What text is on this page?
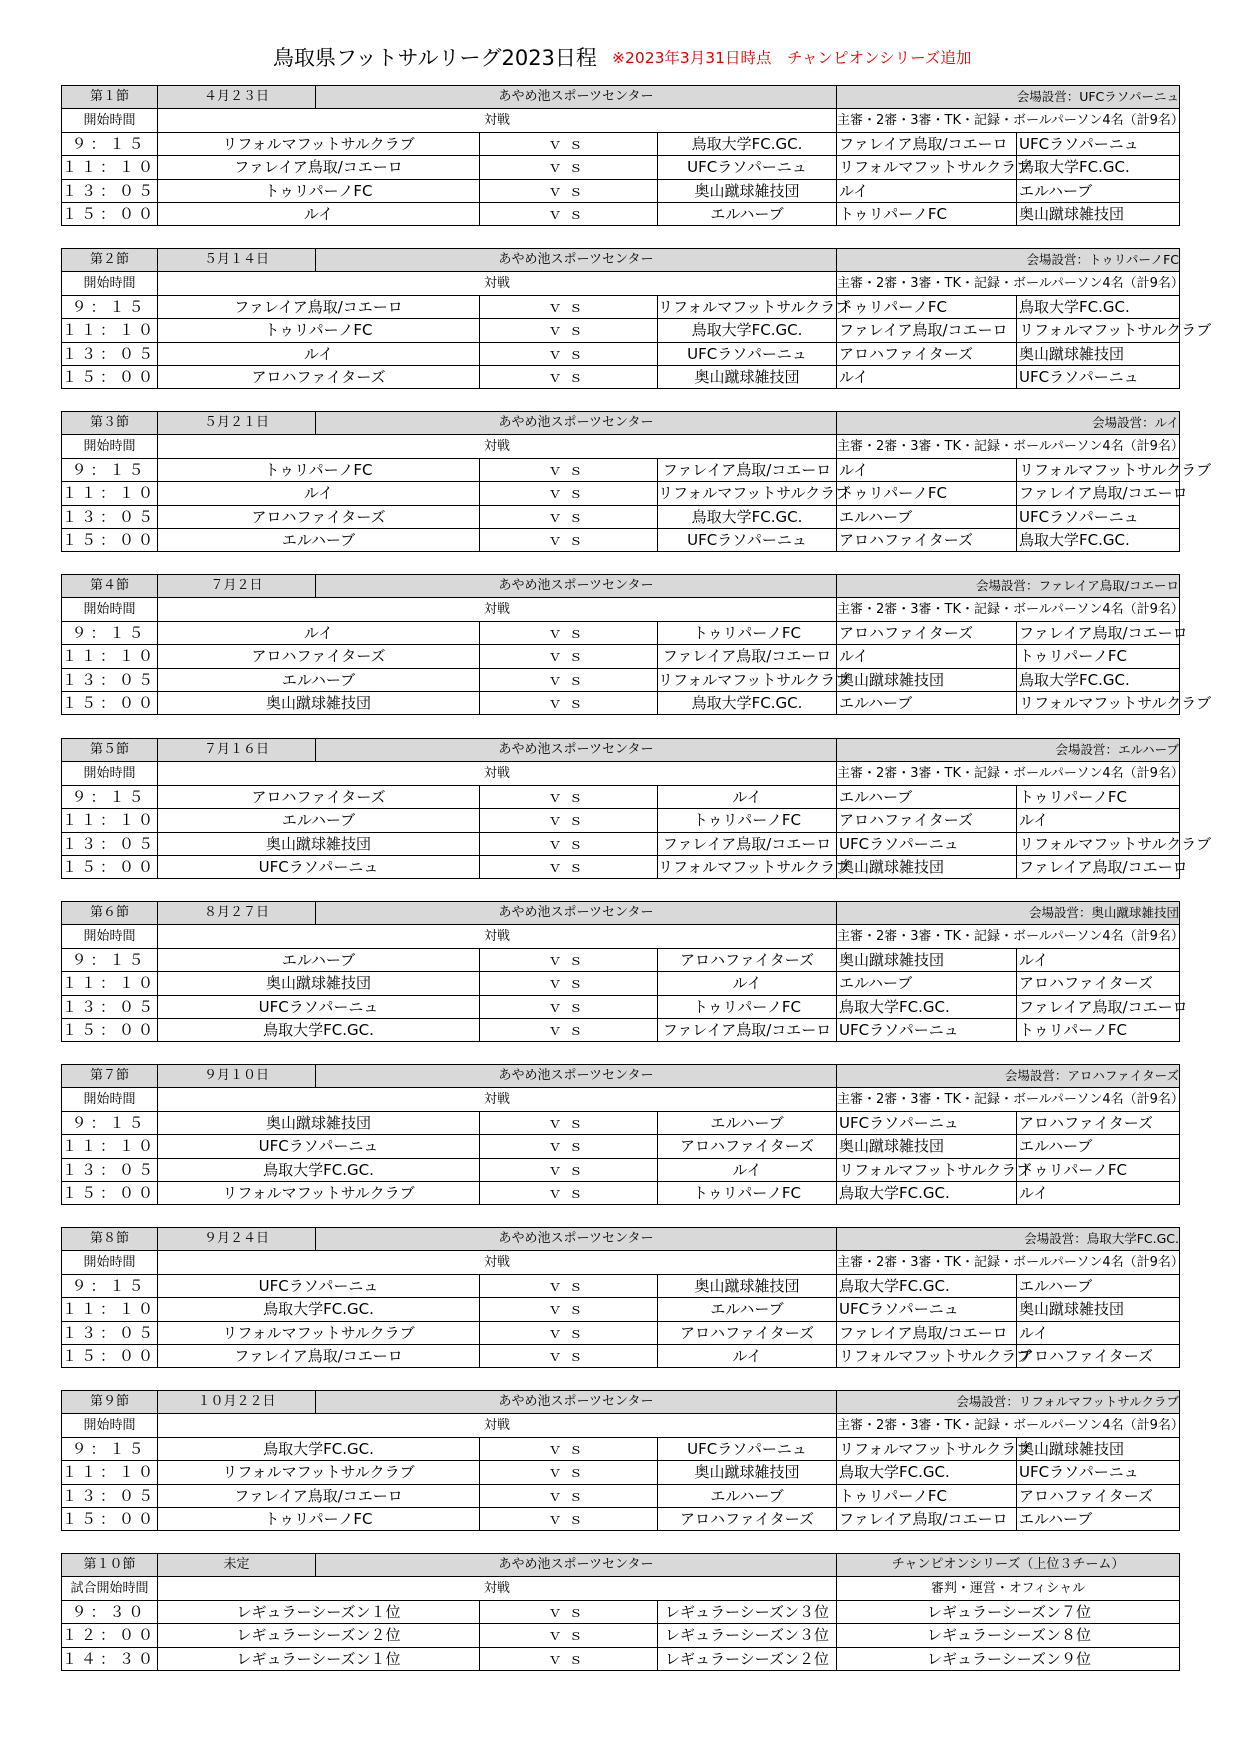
鳥取県フットサルリーグ2023日程 ※2023年3月31日時点　チャンピオンシリーズ追加
第１節	４月２３日	あやめ池スポーツセンター			会場設営：UFCラソパーニュ	

開始時間	対戦				主審・2審・3審・TK・記録・ボールパーソン4名（計9名）	
９：１５	リフォルマフットサルクラブ		ｖｓ	鳥取大学FC.GC.	ファレイア鳥取/コエーロ	UFCラソパーニュ
１１：１０	ファレイア鳥取/コエーロ		ｖｓ	UFCラソパーニュ	リフォルマフットサルクラブ	鳥取大学FC.GC.
１３：０５	トゥリパーノFC		ｖｓ	奥山蹴球雑技団	ルイ	エルハーブ
１５：００	ルイ		ｖｓ	エルハーブ	トゥリパーノFC	奥山蹴球雑技団
第２節	５月１４日	あやめ池スポーツセンター			会場設営：トゥリパーノFC	

開始時間	対戦				主審・2審・3審・TK・記録・ボールパーソン4名（計9名）	
９：１５	ファレイア鳥取/コエーロ		ｖｓ	リフォルマフットサルクラブ	トゥリパーノFC	鳥取大学FC.GC.
１１：１０	トゥリパーノFC		ｖｓ	鳥取大学FC.GC.	ファレイア鳥取/コエーロ	リフォルマフットサルクラブ
１３：０５	ルイ		ｖｓ	UFCラソパーニュ	アロハファイターズ	奥山蹴球雑技団
１５：００	アロハファイターズ		ｖｓ	奥山蹴球雑技団	ルイ	UFCラソパーニュ
第３節	５月２１日	あやめ池スポーツセンター			会場設営：ルイ	

開始時間	対戦				主審・2審・3審・TK・記録・ボールパーソン4名（計9名）	
９：１５	トゥリパーノFC		ｖｓ	ファレイア鳥取/コエーロ	ルイ	リフォルマフットサルクラブ
１１：１０	ルイ		ｖｓ	リフォルマフットサルクラブ	トゥリパーノFC	ファレイア鳥取/コエーロ
１３：０５	アロハファイターズ		ｖｓ	鳥取大学FC.GC.	エルハーブ	UFCラソパーニュ
１５：００	エルハーブ		ｖｓ	UFCラソパーニュ	アロハファイターズ	鳥取大学FC.GC.
第４節	７月２日	あやめ池スポーツセンター			会場設営：ファレイア鳥取/コエーロ	

開始時間	対戦				主審・2審・3審・TK・記録・ボールパーソン4名（計9名）	
９：１５	ルイ		ｖｓ	トゥリパーノFC	アロハファイターズ	ファレイア鳥取/コエーロ
１１：１０	アロハファイターズ		ｖｓ	ファレイア鳥取/コエーロ	ルイ	トゥリパーノFC
１３：０５	エルハーブ		ｖｓ	リフォルマフットサルクラブ	奥山蹴球雑技団	鳥取大学FC.GC.
１５：００	奥山蹴球雑技団		ｖｓ	鳥取大学FC.GC.	エルハーブ	リフォルマフットサルクラブ
第５節	７月１６日	あやめ池スポーツセンター			会場設営：エルハーブ	

開始時間	対戦				主審・2審・3審・TK・記録・ボールパーソン4名（計9名）	
９：１５	アロハファイターズ		ｖｓ	ルイ	エルハーブ	トゥリパーノFC
１１：１０	エルハーブ		ｖｓ	トゥリパーノFC	アロハファイターズ	ルイ
１３：０５	奥山蹴球雑技団		ｖｓ	ファレイア鳥取/コエーロ	UFCラソパーニュ	リフォルマフットサルクラブ
１５：００	UFCラソパーニュ		ｖｓ	リフォルマフットサルクラブ	奥山蹴球雑技団	ファレイア鳥取/コエーロ
第６節	８月２７日	あやめ池スポーツセンター			会場設営：奥山蹴球雑技団	

開始時間	対戦				主審・2審・3審・TK・記録・ボールパーソン4名（計9名）	
９：１５	エルハーブ		ｖｓ	アロハファイターズ	奥山蹴球雑技団	ルイ
１１：１０	奥山蹴球雑技団		ｖｓ	ルイ	エルハーブ	アロハファイターズ
１３：０５	UFCラソパーニュ		ｖｓ	トゥリパーノFC	鳥取大学FC.GC.	ファレイア鳥取/コエーロ
１５：００	鳥取大学FC.GC.		ｖｓ	ファレイア鳥取/コエーロ	UFCラソパーニュ	トゥリパーノFC
第７節	９月１０日	あやめ池スポーツセンター			会場設営：アロハファイターズ	

開始時間	対戦				主審・2審・3審・TK・記録・ボールパーソン4名（計9名）	
９：１５	奥山蹴球雑技団		ｖｓ	エルハーブ	UFCラソパーニュ	アロハファイターズ
１１：１０	UFCラソパーニュ		ｖｓ	アロハファイターズ	奥山蹴球雑技団	エルハーブ
１３：０５	鳥取大学FC.GC.		ｖｓ	ルイ	リフォルマフットサルクラブ	トゥリパーノFC
１５：００	リフォルマフットサルクラブ		ｖｓ	トゥリパーノFC	鳥取大学FC.GC.	ルイ
第８節	９月２４日	あやめ池スポーツセンター			会場設営：鳥取大学FC.GC.	

開始時間	対戦				主審・2審・3審・TK・記録・ボールパーソン4名（計9名）	
９：１５	UFCラソパーニュ		ｖｓ	奥山蹴球雑技団	鳥取大学FC.GC.	エルハーブ
１１：１０	鳥取大学FC.GC.		ｖｓ	エルハーブ	UFCラソパーニュ	奥山蹴球雑技団
１３：０５	リフォルマフットサルクラブ		ｖｓ	アロハファイターズ	ファレイア鳥取/コエーロ	ルイ
１５：００	ファレイア鳥取/コエーロ		ｖｓ	ルイ	リフォルマフットサルクラブ	アロハファイターズ
第９節	１０月２２日	あやめ池スポーツセンター			会場設営：リフォルマフットサルクラブ	

開始時間	対戦				主審・2審・3審・TK・記録・ボールパーソン4名（計9名）	
９：１５	鳥取大学FC.GC.		ｖｓ	UFCラソパーニュ	リフォルマフットサルクラブ	奥山蹴球雑技団
１１：１０	リフォルマフットサルクラブ		ｖｓ	奥山蹴球雑技団	鳥取大学FC.GC.	UFCラソパーニュ
１３：０５	ファレイア鳥取/コエーロ		ｖｓ	エルハーブ	トゥリパーノFC	アロハファイターズ
１５：００	トゥリパーノFC		ｖｓ	アロハファイターズ	ファレイア鳥取/コエーロ	エルハーブ
第１０節	未定	あやめ池スポーツセンター			チャンピオンシリーズ（上位３チーム）
試合開始時間	対戦				審判・運営・オフィシャル
９：３０	レギュラーシーズン１位		ｖｓ	レギュラーシーズン３位	レギュラーシーズン７位
１２：００	レギュラーシーズン２位		ｖｓ	レギュラーシーズン３位	レギュラーシーズン８位
１４：３０	レギュラーシーズン１位		ｖｓ	レギュラーシーズン２位	レギュラーシーズン９位
